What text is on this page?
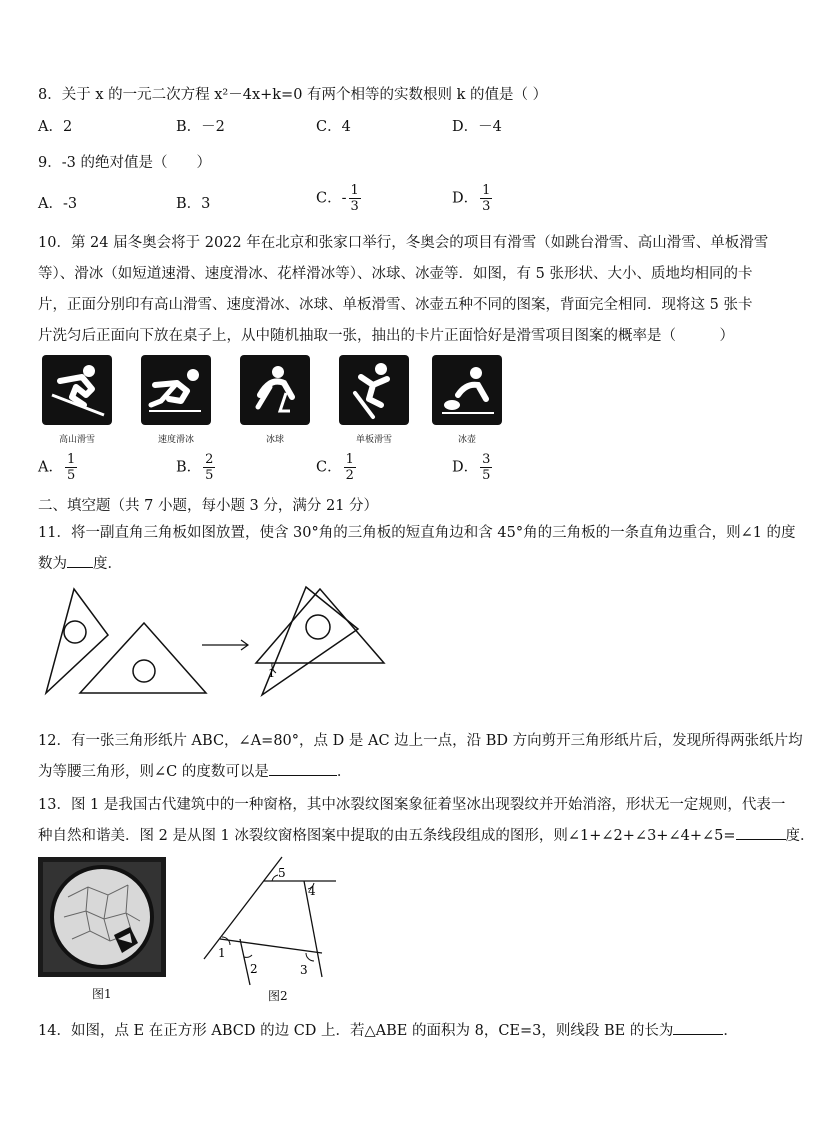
8．关于 x 的一元二次方程 x²－4x+k=0 有两个相等的实数根则 k 的值是（ ）
A．2	B．－2	C．4	D．－4
9．-3 的绝对值是（　　）
A．-3	B．3	C．- $\frac{1}{3}$	D． $\frac{1}{3}$
10．第 24 届冬奥会将于 2022 年在北京和张家口举行，冬奥会的项目有滑雪（如跳台滑雪、高山滑雪、单板滑雪
等）、滑冰（如短道速滑、速度滑冰、花样滑冰等）、冰球、冰壶等．如图，有 5 张形状、大小、质地均相同的卡
片，正面分别印有高山滑雪、速度滑冰、冰球、单板滑雪、冰壶五种不同的图案，背面完全相同．现将这 5 张卡
片洗匀后正面向下放在桌子上，从中随机抽取一张，抽出的卡片正面恰好是滑雪项目图案的概率是（　　　）
高山滑雪	速度滑冰	冰球	单板滑雪	冰壶
A． $\frac{1}{5}$	B． $\frac{2}{5}$	C． $\frac{1}{2}$	D． $\frac{3}{5}$
二、填空题（共 7 小题，每小题 3 分，满分 21 分）
11．将一副直角三角板如图放置，使含 30°角的三角板的短直角边和含 45°角的三角板的一条直角边重合，则∠1 的度
数为 度．
1
12．有一张三角形纸片 ABC，∠A=80°，点 D 是 AC 边上一点，沿 BD 方向剪开三角形纸片后，发现所得两张纸片均
为等腰三角形，则∠C 的度数可以是	．
13．图 1 是我国古代建筑中的一种窗格，其中冰裂纹图案象征着坚冰出现裂纹并开始消溶，形状无一定规则，代表一
种自然和谐美．图 2 是从图 1 冰裂纹窗格图案中提取的由五条线段组成的图形，则∠1+∠2+∠3+∠4+∠5=	度．
图1
1
2	3
4
5
图2
14．如图，点 E 在正方形 ABCD 的边 CD 上．若△ABE 的面积为 8，CE=3，则线段 BE 的长为	．
